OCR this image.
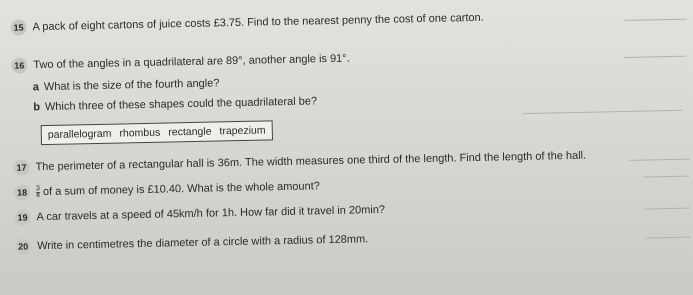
15 A pack of eight cartons of juice costs £3.75. Find to the nearest penny the cost of one carton.
16 Two of the angles in a quadrilateral are 89°, another angle is 91°.
a What is the size of the fourth angle?
b Which three of these shapes could the quadrilateral be?
parallelogram rhombus rectangle trapezium
17 The perimeter of a rectangular hall is 36m. The width measures one third of the length. Find the length of the hall.
$18 \frac{3}{4}$ of a sum of money is £10.40. What is the whole amount?
19 A car travels at a speed of 45km/h for 1h. How far did it travel in 20min?
20 Write in centimetres the diameter of a circle with a radius of 128mm.
